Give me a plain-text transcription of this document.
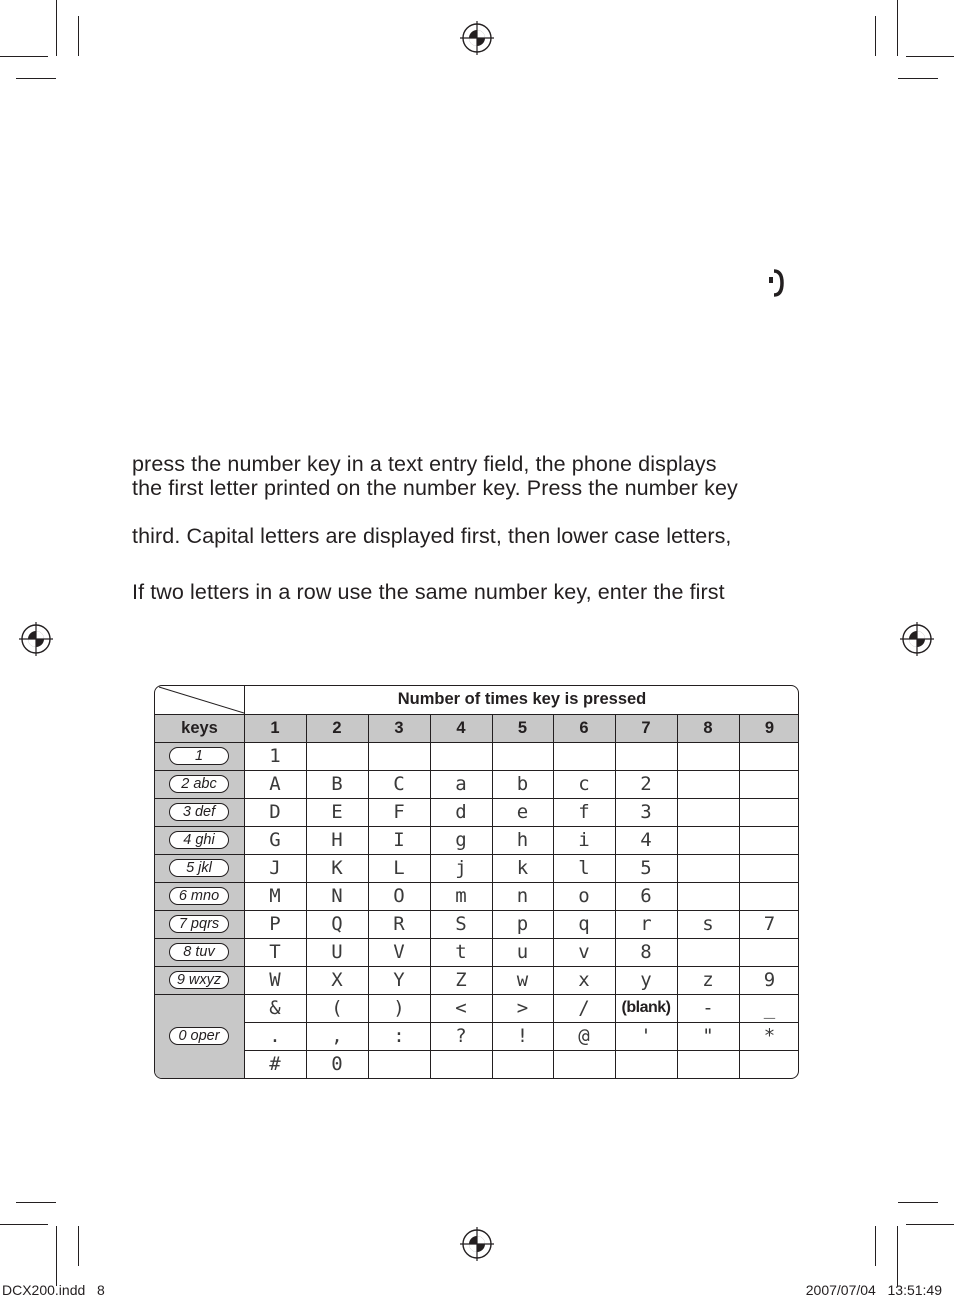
press the number key in a text entry field, the phone displays
the first letter printed on the number key. Press the number key
third. Capital letters are displayed first, then lower case letters,
If two letters in a row use the same number key, enter the first
Number of times key is pressed
keys	1	2	3	4	5	6	7	8	9
1	1
2 abc	A	B	C	a	b	c	2
3 def	D	E	F	d	e	f	3
4 ghi	G	H	I	g	h	i	4
5 jkl	J	K	L	j	k	l	5
6 mno	M	N	O	m	n	o	6
7 pqrs	P	Q	R	S	p	q	r	s	7
8 tuv	T	U	V	t	u	v	8
9 wxyz	W	X	Y	Z	w	x	y	z	9
0 oper
&	(	)	<	>	/	(blank)	-	_
.	,	:	?	!	@	'	"	*
#	0
DCX200.indd   8	2007/07/04   13:51:49
